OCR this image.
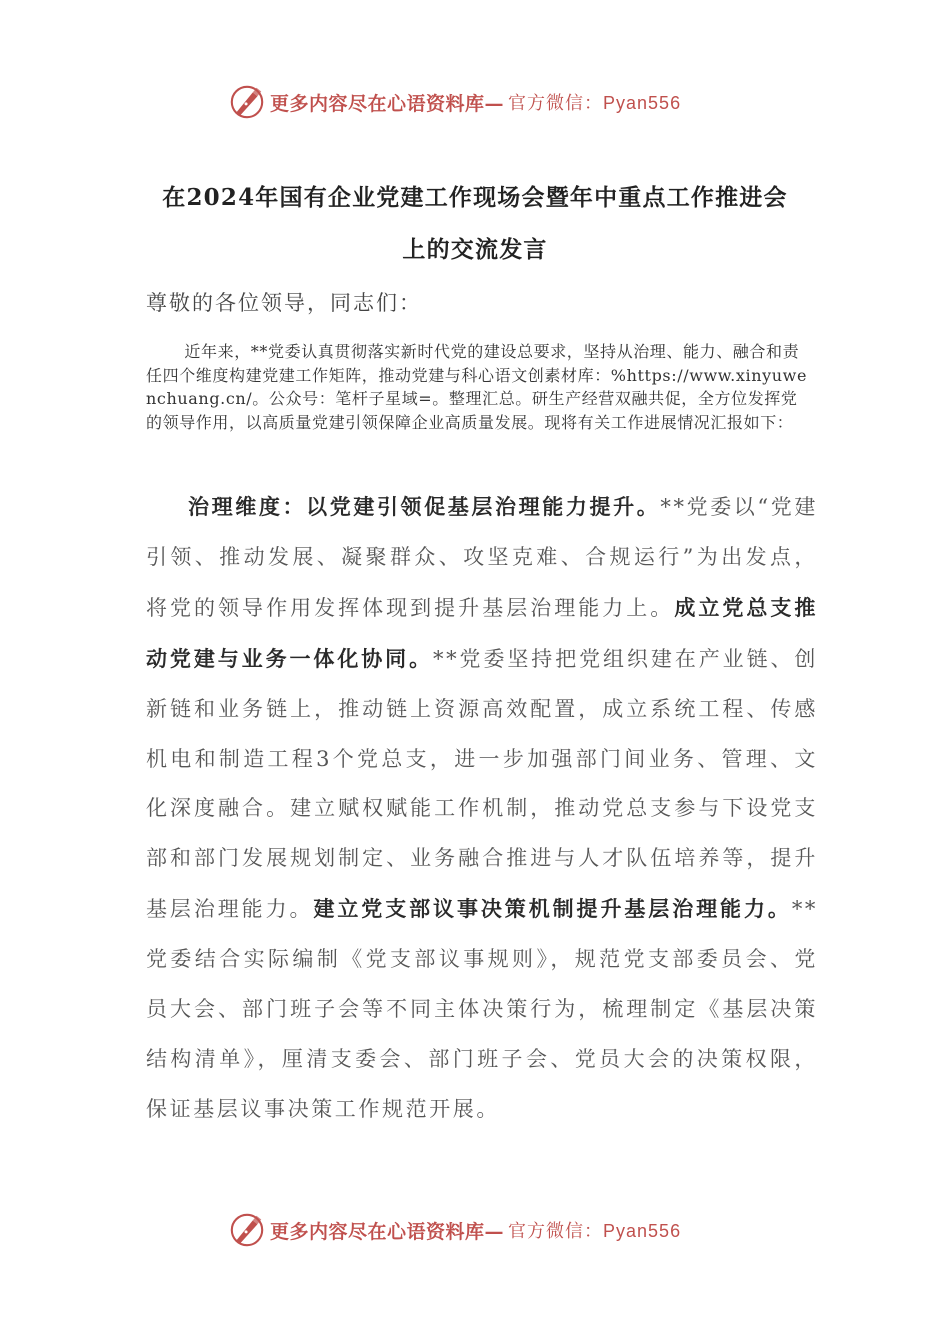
更多内容尽在心语资料库— 官方微信：Pyan556
在2024年国有企业党建工作现场会暨年中重点工作推进会
上的交流发言
尊敬的各位领导，同志们：
近年来，**党委认真贯彻落实新时代党的建设总要求，坚持从治理、能力、融合和责任四个维度构建党建工作矩阵，推动党建与科心语文创素材库：%https://www.xinyuwenchuang.cn/。公众号：笔杆子星域=。整理汇总。研生产经营双融共促，全方位发挥党的领导作用，以高质量党建引领保障企业高质量发展。现将有关工作进展情况汇报如下：
治理维度：以党建引领促基层治理能力提升。**党委以“党建引领、推动发展、凝聚群众、攻坚克难、合规运行”为出发点，将党的领导作用发挥体现到提升基层治理能力上。成立党总支推动党建与业务一体化协同。**党委坚持把党组织建在产业链、创新链和业务链上，推动链上资源高效配置，成立系统工程、传感机电和制造工程3个党总支，进一步加强部门间业务、管理、文化深度融合。建立赋权赋能工作机制，推动党总支参与下设党支部和部门发展规划制定、业务融合推进与人才队伍培养等，提升基层治理能力。建立党支部议事决策机制提升基层治理能力。**党委结合实际编制《党支部议事规则》，规范党支部委员会、党员大会、部门班子会等不同主体决策行为，梳理制定《基层决策结构清单》，厘清支委会、部门班子会、党员大会的决策权限，保证基层议事决策工作规范开展。
更多内容尽在心语资料库— 官方微信：Pyan556
